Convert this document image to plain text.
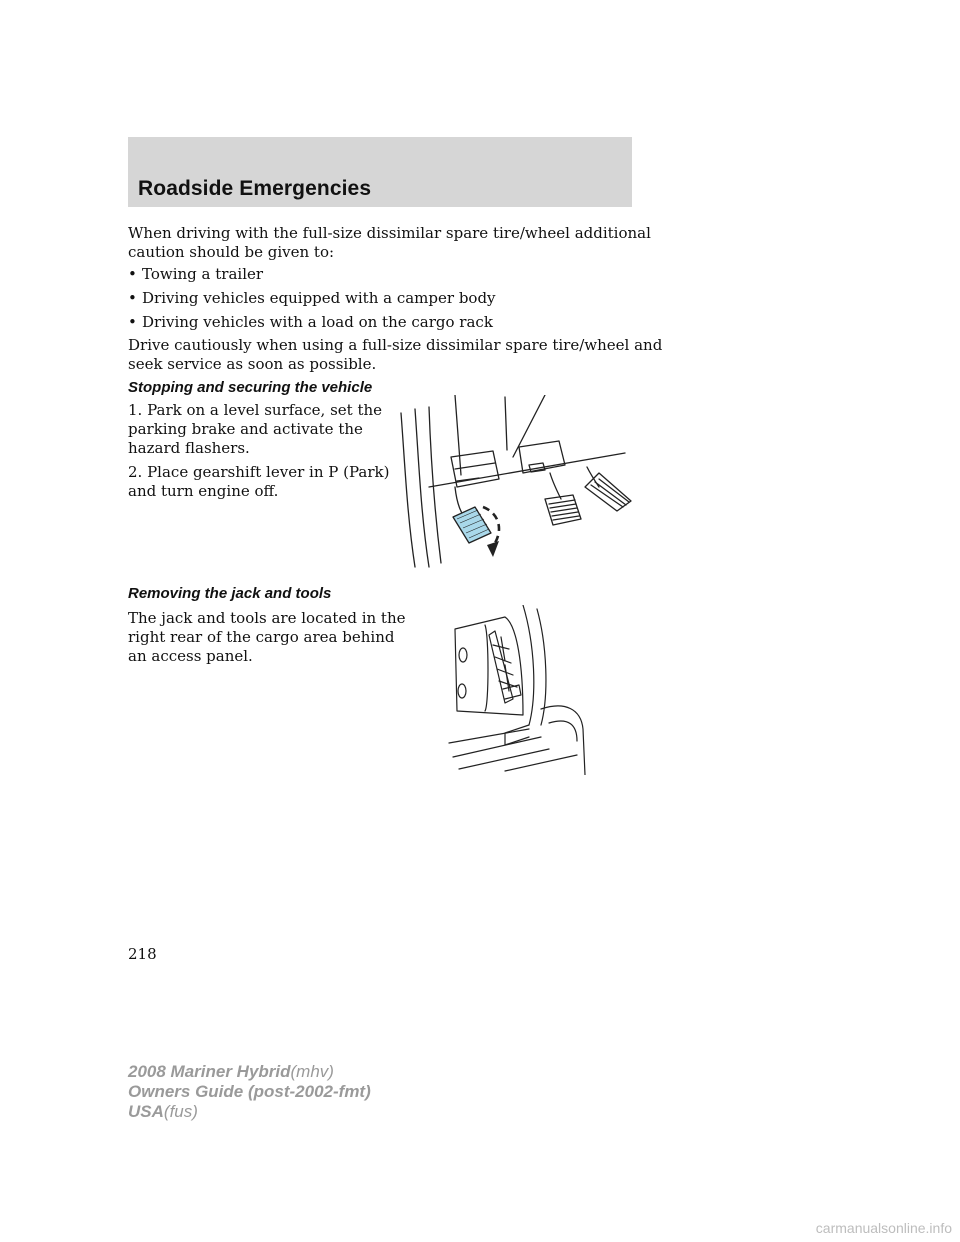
Roadside Emergencies

When driving with the full-size dissimilar spare tire/wheel additional

caution should be given to:

• Towing a trailer
• Driving vehicles equipped with a camper body
• Driving vehicles with a load on the cargo rack

Drive cautiously when using a full-size dissimilar spare tire/wheel and

seek service as soon as possible.

Stopping and securing the vehicle

1. Park on a level surface, set the

parking brake and activate the

hazard flashers.

2. Place gearshift lever in P (Park)

and turn engine off.

Removing the jack and tools

The jack and tools are located in the

right rear of the cargo area behind

an access panel.

218
2008 Mariner Hybrid(mhv)
Owners Guide (post-2002-fmt)
USA(fus)
carmanualsonline.info
